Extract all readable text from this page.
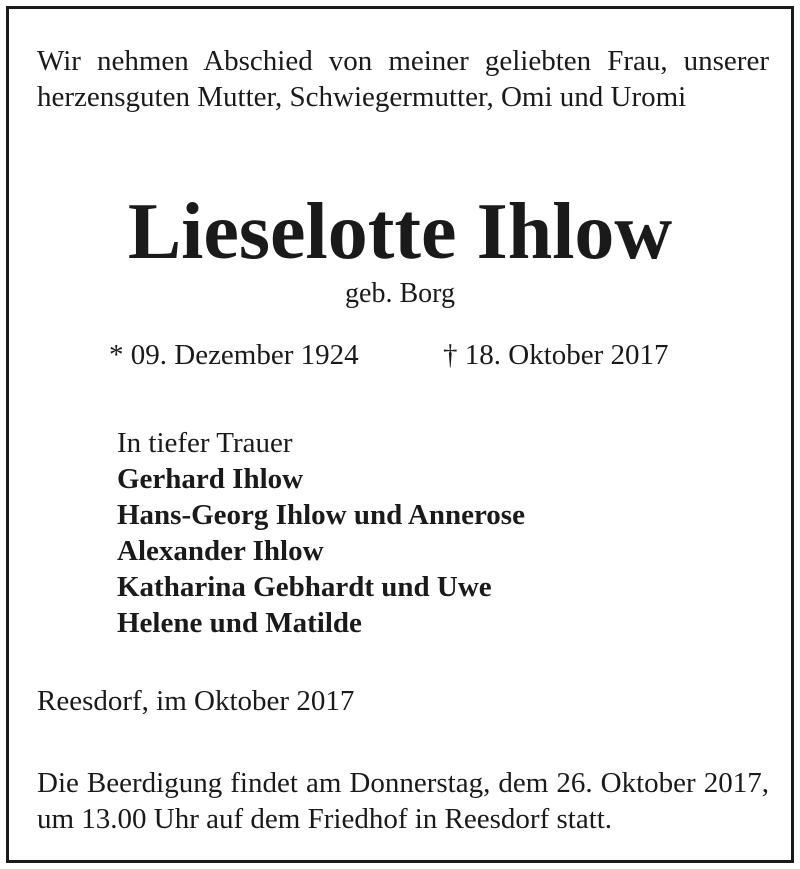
Wir nehmen Abschied von meiner geliebten Frau, unserer herzensguten Mutter, Schwiegermutter, Omi und Uromi
Lieselotte Ihlow
geb. Borg
* 09. Dezember 1924	† 18. Oktober 2017
In tiefer Trauer
Gerhard Ihlow
Hans-Georg Ihlow und Annerose
Alexander Ihlow
Katharina Gebhardt und Uwe
Helene und Matilde
Reesdorf, im Oktober 2017
Die Beerdigung findet am Donnerstag, dem 26. Oktober 2017, um 13.00 Uhr auf dem Friedhof in Reesdorf statt.
